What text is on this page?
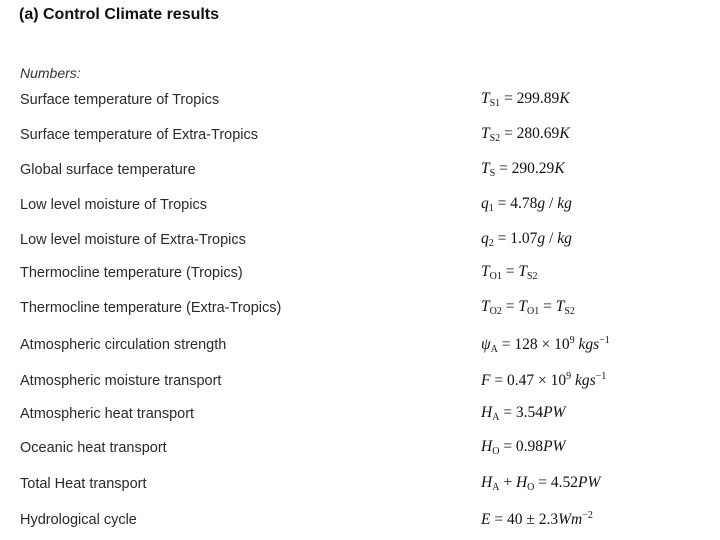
(a) Control Climate results
Numbers:
Surface temperature of Tropics	$T_{S1} = 299.89K$
Surface temperature of Extra-Tropics	$T_{S2} = 280.69K$
Global surface temperature	$T_S = 290.29K$
Low level moisture of Tropics	$q_1 = 4.78g$ / kg
Low level moisture of Extra-Tropics	$q_2 = 1.07g$ / kg
Thermocline temperature (Tropics)	$T_{O1} = T_{S2}$
Thermocline temperature (Extra-Tropics)	$T_{O2} = T_{O1} = T_{S2}$
Atmospheric circulation strength	$\psi_A = 128 \times 10^9$ kgs$^{-1}$
Atmospheric moisture transport	$F = 0.47 \times 10^9$ kgs$^{-1}$
Atmospheric heat transport	$H_A = 3.54PW$
Oceanic heat transport	$H_O = 0.98PW$
Total Heat transport	$H_A + H_O = 4.52PW$
Hydrological cycle	$E = 40 \pm 2.3Wm^{-2}$
